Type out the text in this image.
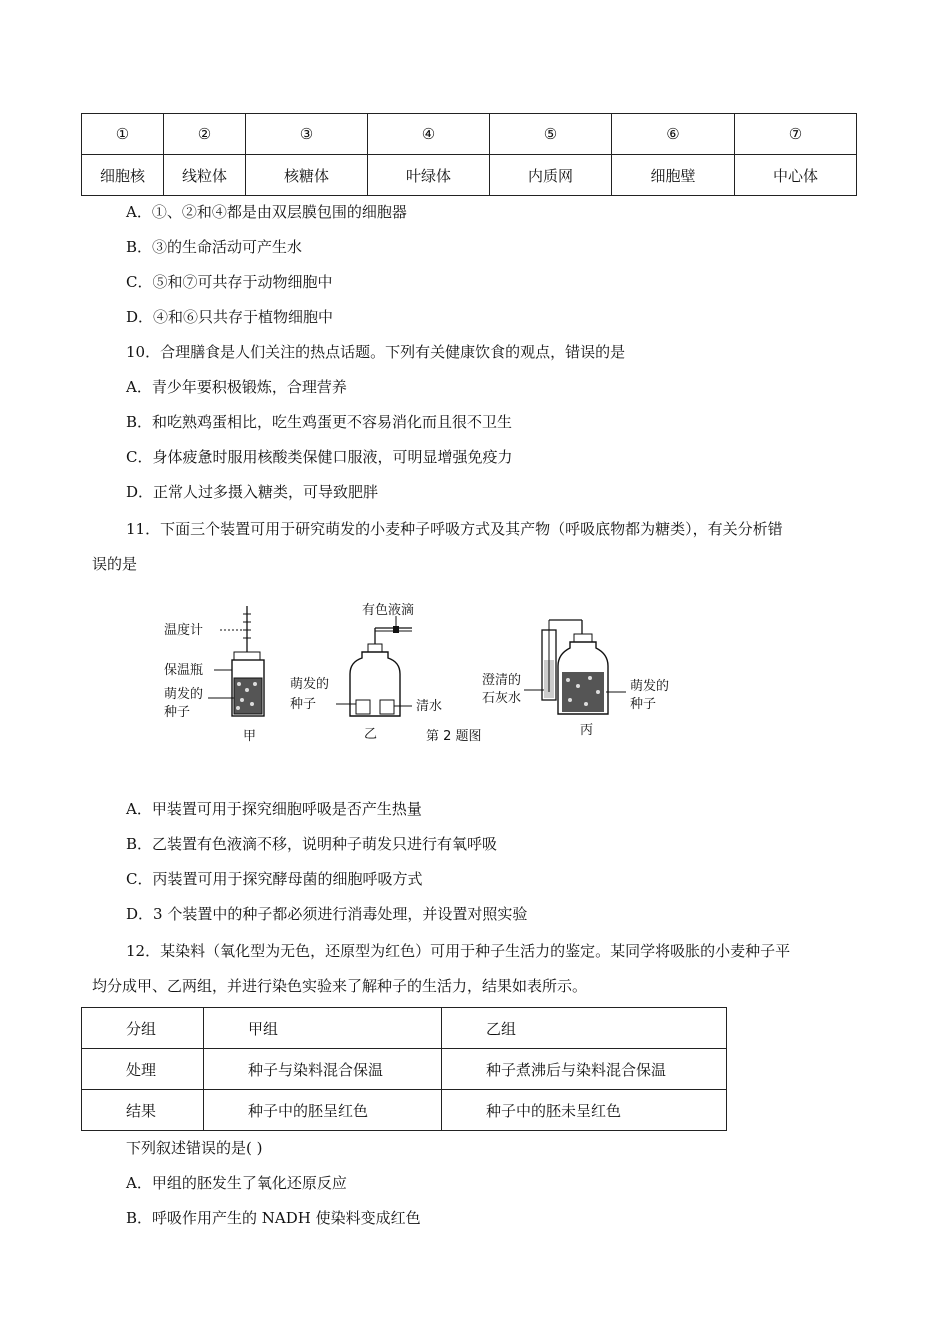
①	②	③	④	⑤	⑥	⑦
细胞核	线粒体	核糖体	叶绿体	内质网	细胞壁	中心体
A．①、②和④都是由双层膜包围的细胞器
B．③的生命活动可产生水
C．⑤和⑦可共存于动物细胞中
D．④和⑥只共存于植物细胞中
10．合理膳食是人们关注的热点话题。下列有关健康饮食的观点，错误的是
A．青少年要积极锻炼，合理营养
B．和吃熟鸡蛋相比，吃生鸡蛋更不容易消化而且很不卫生
C．身体疲惫时服用核酸类保健口服液，可明显增强免疫力
D．正常人过多摄入糖类，可导致肥胖
11．下面三个装置可用于研究萌发的小麦种子呼吸方式及其产物（呼吸底物都为糖类），有关分析错
误的是
温度计
保温瓶
萌发的
种子
甲
有色液滴
萌发的
种子	清水
乙	第 2 题图
澄清的
石灰水
萌发的
种子
丙
A．甲装置可用于探究细胞呼吸是否产生热量
B．乙装置有色液滴不移，说明种子萌发只进行有氧呼吸
C．丙装置可用于探究酵母菌的细胞呼吸方式
D．3 个装置中的种子都必须进行消毒处理，并设置对照实验
12．某染料（氧化型为无色，还原型为红色）可用于种子生活力的鉴定。某同学将吸胀的小麦种子平
均分成甲、乙两组，并进行染色实验来了解种子的生活力，结果如表所示。
分组	甲组	乙组
处理	种子与染料混合保温	种子煮沸后与染料混合保温
结果	种子中的胚呈红色	种子中的胚未呈红色
下列叙述错误的是( )
A．甲组的胚发生了氧化还原反应
B．呼吸作用产生的 NADH 使染料变成红色
